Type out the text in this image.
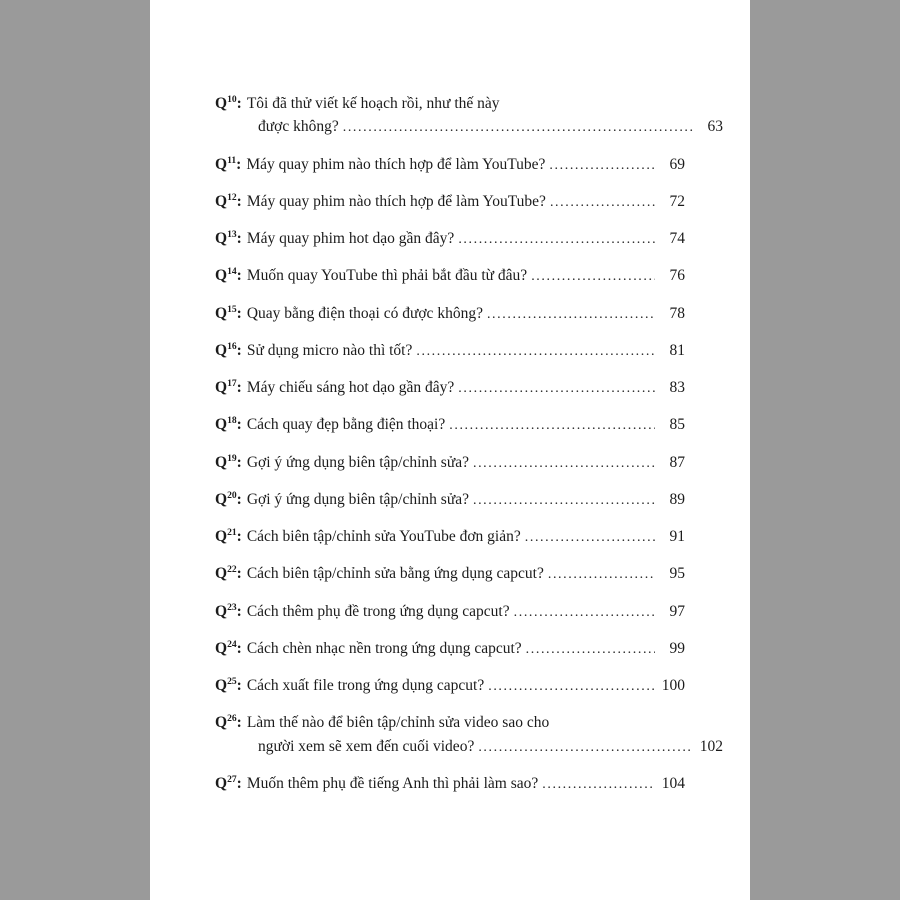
$Q^{10}$: Tôi đã thử viết kế hoạch rồi, như thế này
được không? .....	63
$Q^{11}$: Máy quay phim nào thích hợp để làm YouTube? .....	69
$Q^{12}$: Máy quay phim nào thích hợp để làm YouTube? .....	72
$Q^{13}$: Máy quay phim hot dạo gần đây? .....	74
$Q^{14}$: Muốn quay YouTube thì phải bắt đầu từ đâu? .....	76
$Q^{15}$: Quay bằng điện thoại có được không? .....	78
$Q^{16}$: Sử dụng micro nào thì tốt? .....	81
$Q^{17}$: Máy chiếu sáng hot dạo gần đây? .....	83
$Q^{18}$: Cách quay đẹp bằng điện thoại? .....	85
$Q^{19}$: Gợi ý ứng dụng biên tập/chỉnh sửa? .....	87
$Q^{20}$: Gợi ý ứng dụng biên tập/chỉnh sửa? .....	89
$Q^{21}$: Cách biên tập/chỉnh sửa YouTube đơn giản? .....	91
$Q^{22}$: Cách biên tập/chỉnh sửa bằng ứng dụng capcut? .....	95
$Q^{23}$: Cách thêm phụ đề trong ứng dụng capcut? .....	97
$Q^{24}$: Cách chèn nhạc nền trong ứng dụng capcut? .....	99
$Q^{25}$: Cách xuất file trong ứng dụng capcut? .....	100
$Q^{26}$: Làm thế nào để biên tập/chỉnh sửa video sao cho
người xem sẽ xem đến cuối video? .....	102
$Q^{27}$: Muốn thêm phụ đề tiếng Anh thì phải làm sao? .....	104
